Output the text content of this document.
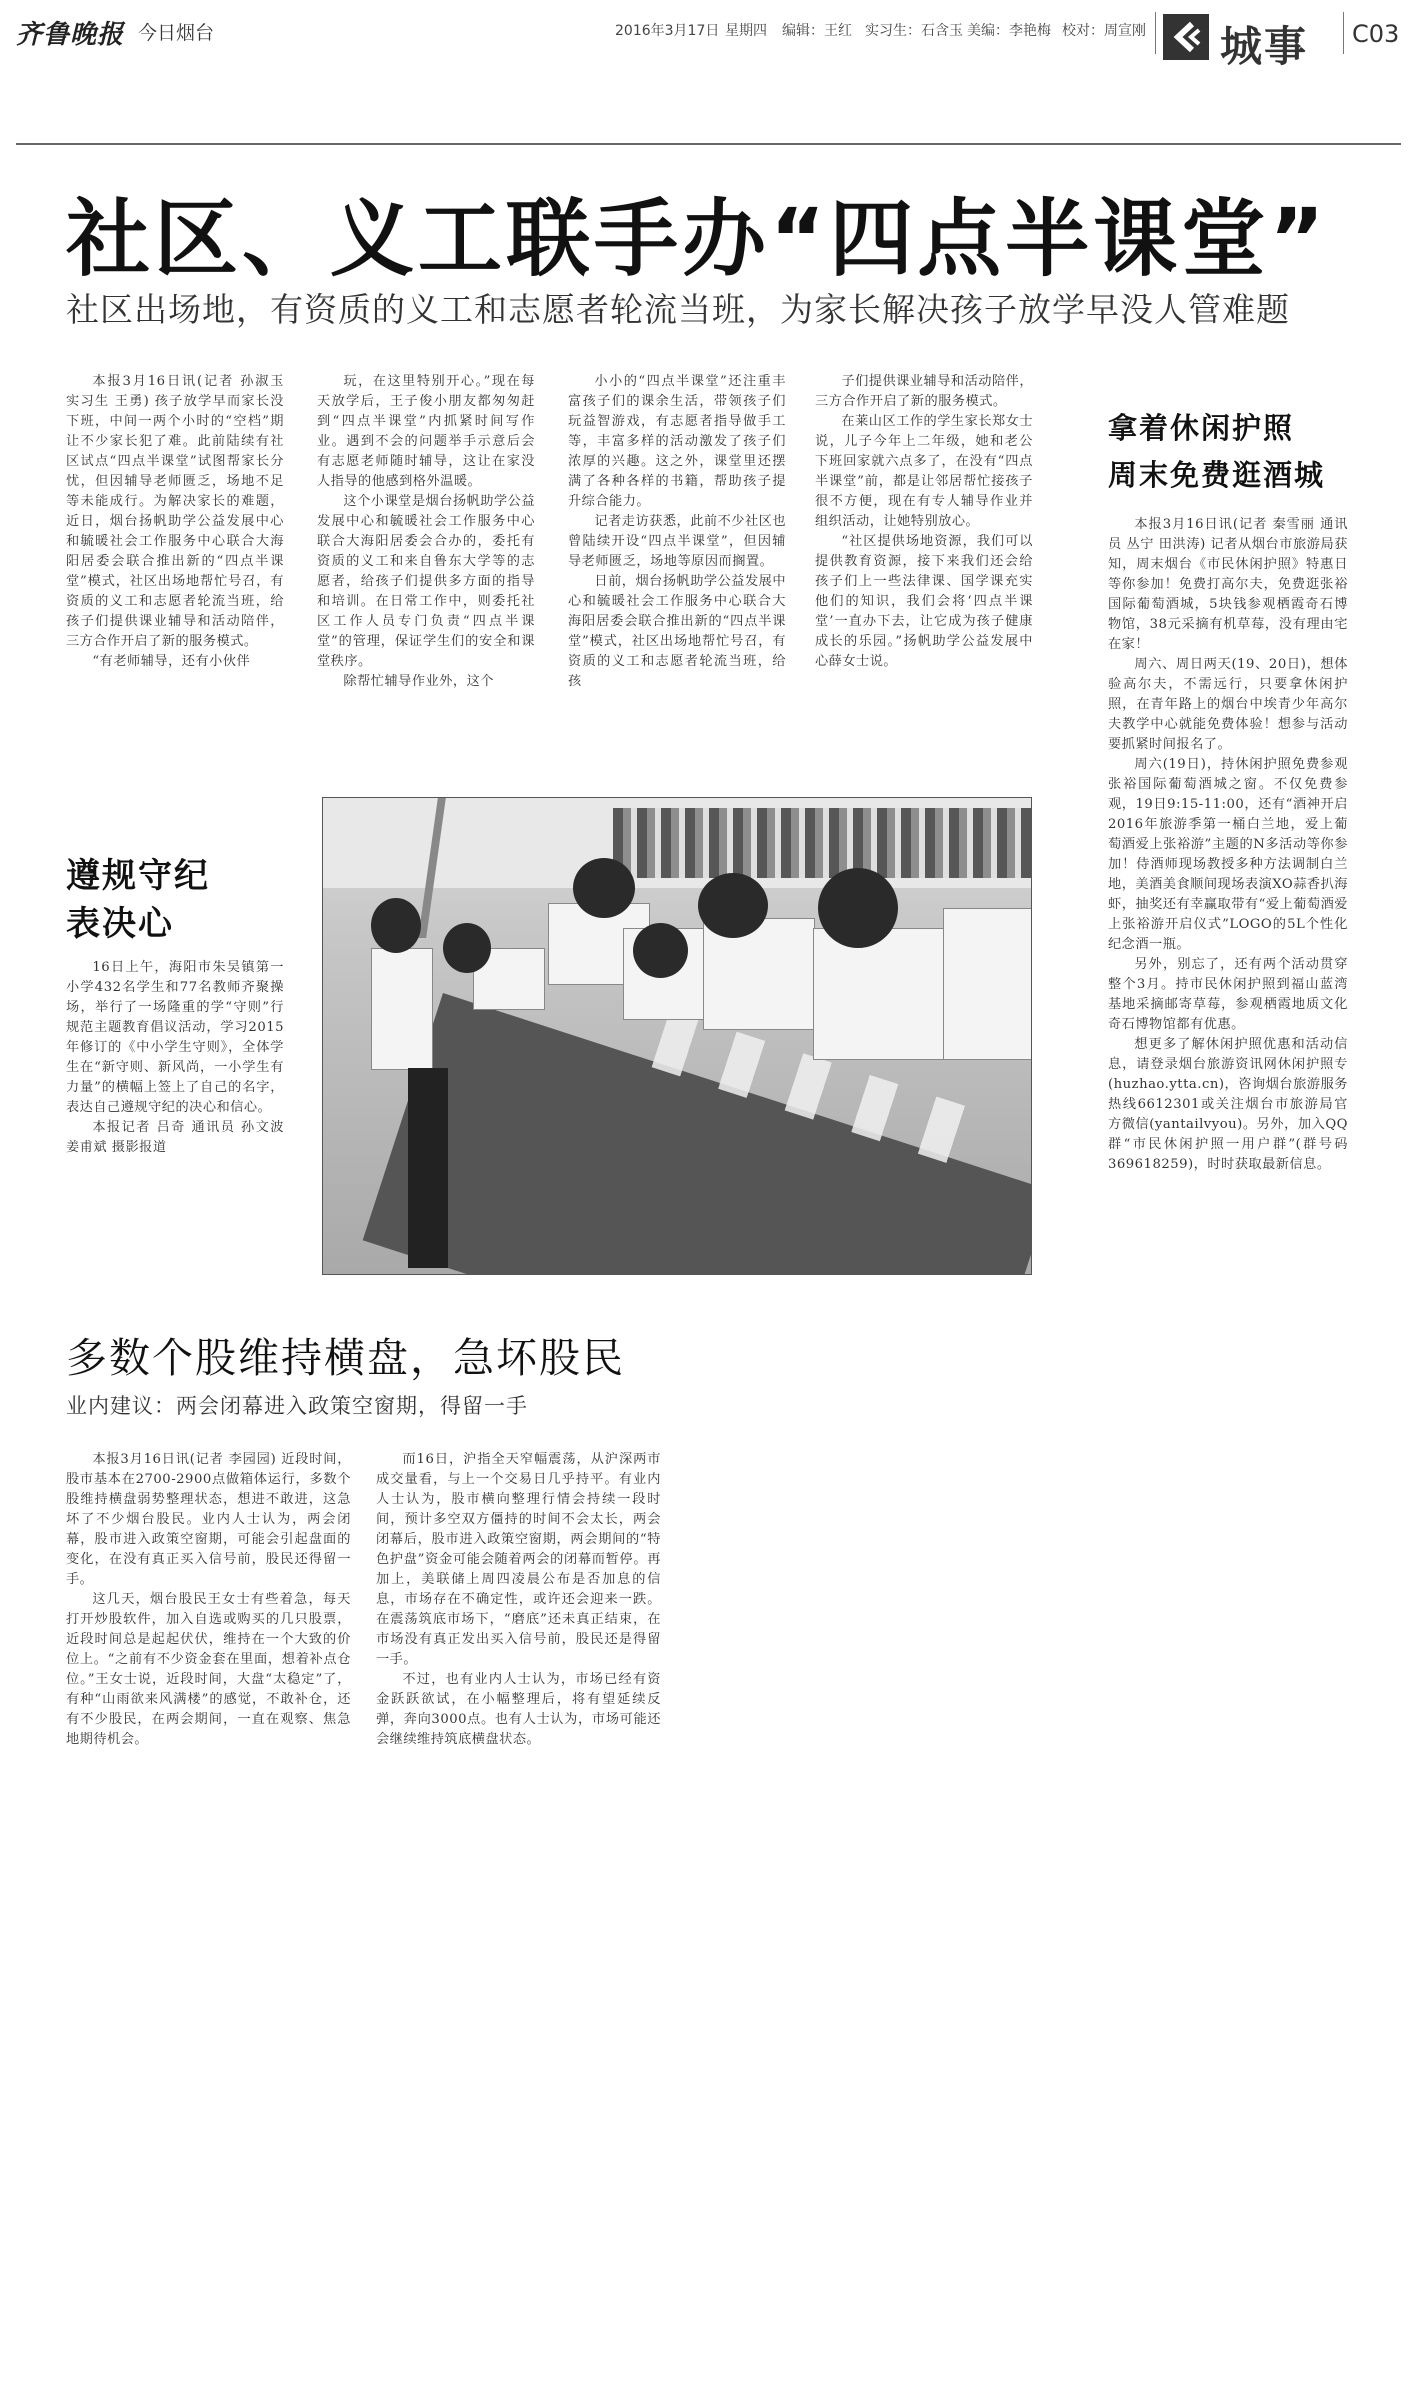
齐鲁晚报 今日烟台	2016年3月17日 星期四 编辑：王红 实习生：石含玉 美编：李艳梅 校对：周宣刚 城事 C03
社区、义工联手办“四点半课堂”
社区出场地，有资质的义工和志愿者轮流当班，为家长解决孩子放学早没人管难题

本报3月16日讯(记者 孙淑玉 实习生 王勇) 孩子放学早而家长没下班，中间一两个小时的“空档”期让不少家长犯了难。此前陆续有社区试点“四点半课堂”试图帮家长分忧，但因辅导老师匮乏，场地不足等未能成行。为解决家长的难题，近日，烟台扬帆助学公益发展中心和毓暖社会工作服务中心联合大海阳居委会联合推出新的“四点半课堂”模式，社区出场地帮忙号召，有资质的义工和志愿者轮流当班，给孩子们提供课业辅导和活动陪伴，三方合作开启了新的服务模式。

“有老师辅导，还有小伙伴

玩，在这里特别开心。”现在每天放学后，王子俊小朋友都匆匆赶到“四点半课堂”内抓紧时间写作业。遇到不会的问题举手示意后会有志愿老师随时辅导，这让在家没人指导的他感到格外温暖。

这个小课堂是烟台扬帆助学公益发展中心和毓暖社会工作服务中心联合大海阳居委会合办的，委托有资质的义工和来自鲁东大学等的志愿者，给孩子们提供多方面的指导和培训。在日常工作中，则委托社区工作人员专门负责“四点半课堂”的管理，保证学生们的安全和课堂秩序。

除帮忙辅导作业外，这个

小小的“四点半课堂”还注重丰富孩子们的课余生活，带领孩子们玩益智游戏，有志愿者指导做手工等，丰富多样的活动激发了孩子们浓厚的兴趣。这之外，课堂里还摆满了各种各样的书籍，帮助孩子提升综合能力。

记者走访获悉，此前不少社区也曾陆续开设“四点半课堂”，但因辅导老师匮乏，场地等原因而搁置。

日前，烟台扬帆助学公益发展中心和毓暖社会工作服务中心联合大海阳居委会联合推出新的“四点半课堂”模式，社区出场地帮忙号召，有资质的义工和志愿者轮流当班，给孩

子们提供课业辅导和活动陪伴，三方合作开启了新的服务模式。

在莱山区工作的学生家长郑女士说，儿子今年上二年级，她和老公下班回家就六点多了，在没有“四点半课堂”前，都是让邻居帮忙接孩子很不方便，现在有专人辅导作业并组织活动，让她特别放心。

“社区提供场地资源，我们可以提供教育资源，接下来我们还会给孩子们上一些法律课、国学课充实他们的知识，我们会将‘四点半课堂’一直办下去，让它成为孩子健康成长的乐园。”扬帆助学公益发展中心薛女士说。

遵规守纪
表决心

16日上午，海阳市朱吴镇第一小学432名学生和77名教师齐聚操场，举行了一场隆重的学“守则”行规范主题教育倡议活动，学习2015年修订的《中小学生守则》，全体学生在“新守则、新风尚，一小学生有力量”的横幅上签上了自己的名字，表达自己遵规守纪的决心和信心。

本报记者 吕奇 通讯员 孙文波 姜甫斌 摄影报道

拿着休闲护照
周末免费逛酒城

本报3月16日讯(记者 秦雪丽 通讯员 丛宁 田洪涛) 记者从烟台市旅游局获知，周末烟台《市民休闲护照》特惠日等你参加！免费打高尔夫，免费逛张裕国际葡萄酒城，5块钱参观栖霞奇石博物馆，38元采摘有机草莓，没有理由宅在家！

周六、周日两天(19、20日)，想体验高尔夫，不需远行，只要拿休闲护照，在青年路上的烟台中埃青少年高尔夫教学中心就能免费体验！想参与活动要抓紧时间报名了。

周六(19日)，持休闲护照免费参观张裕国际葡萄酒城之窗。不仅免费参观，19日9:15-11:00，还有“酒神开启2016年旅游季第一桶白兰地，爱上葡萄酒爱上张裕游”主题的N多活动等你参加！侍酒师现场教授多种方法调制白兰地，美酒美食顺间现场表演XO蒜香扒海虾，抽奖还有幸赢取带有“爱上葡萄酒爱上张裕游开启仪式”LOGO的5L个性化纪念酒一瓶。

另外，别忘了，还有两个活动贯穿整个3月。持市民休闲护照到福山蓝湾基地采摘邮寄草莓，参观栖霞地质文化奇石博物馆都有优惠。

想更多了解休闲护照优惠和活动信息，请登录烟台旅游资讯网休闲护照专(huzhao.ytta.cn)，咨询烟台旅游服务热线6612301或关注烟台市旅游局官方微信(yantailvyou)。另外，加入QQ群“市民休闲护照一用户群”(群号码369618259)，时时获取最新信息。

多数个股维持横盘，急坏股民
业内建议：两会闭幕进入政策空窗期，得留一手

本报3月16日讯(记者 李园园) 近段时间，股市基本在2700-2900点做箱体运行，多数个股维持横盘弱势整理状态，想进不敢进，这急坏了不少烟台股民。业内人士认为，两会闭幕，股市进入政策空窗期，可能会引起盘面的变化，在没有真正买入信号前，股民还得留一手。

这几天，烟台股民王女士有些着急，每天打开炒股软件，加入自选或购买的几只股票，近段时间总是起起伏伏，维持在一个大致的价位上。“之前有不少资金套在里面，想着补点仓位。”王女士说，近段时间，大盘“太稳定”了，有种“山雨欲来风满楼”的感觉，不敢补仓，还有不少股民，在两会期间，一直在观察、焦急地期待机会。

而16日，沪指全天窄幅震荡，从沪深两市成交量看，与上一个交易日几乎持平。有业内人士认为，股市横向整理行情会持续一段时间，预计多空双方僵持的时间不会太长，两会闭幕后，股市进入政策空窗期，两会期间的“特色护盘”资金可能会随着两会的闭幕而暂停。再加上，美联储上周四凌晨公布是否加息的信息，市场存在不确定性，或许还会迎来一跌。在震荡筑底市场下，“磨底”还未真正结束，在市场没有真正发出买入信号前，股民还是得留一手。

不过，也有业内人士认为，市场已经有资金跃跃欲试，在小幅整理后，将有望延续反弹，奔向3000点。也有人士认为，市场可能还会继续维持筑底横盘状态。
